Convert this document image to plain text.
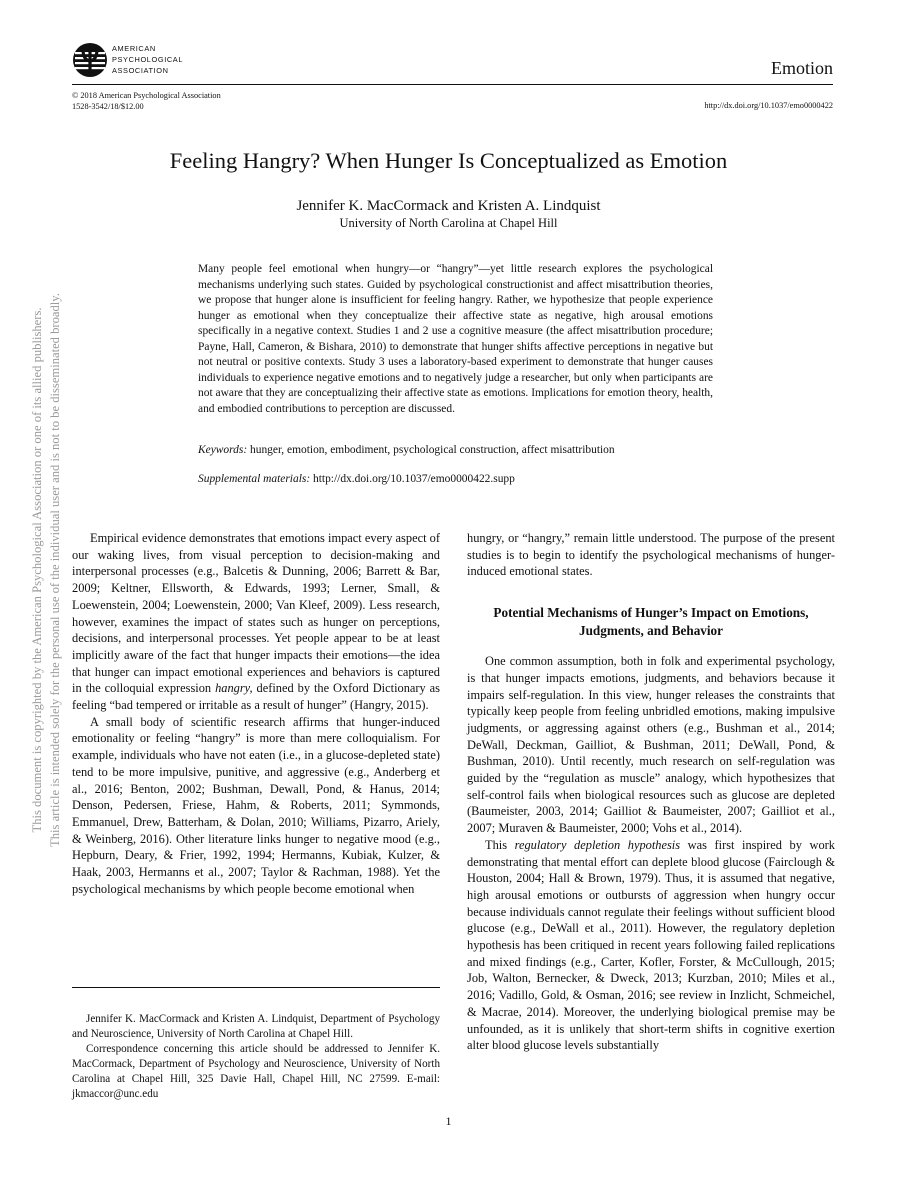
AMERICAN
PSYCHOLOGICAL
ASSOCIATION	Emotion
© 2018 American Psychological Association
1528-3542/18/$12.00	http://dx.doi.org/10.1037/emo0000422
Feeling Hangry? When Hunger Is Conceptualized as Emotion
Jennifer K. MacCormack and Kristen A. Lindquist
University of North Carolina at Chapel Hill
Many people feel emotional when hungry—or “hangry”—yet little research explores the psychological mechanisms underlying such states. Guided by psychological constructionist and affect misattribution theories, we propose that hunger alone is insufficient for feeling hangry. Rather, we hypothesize that people experience hunger as emotional when they conceptualize their affective state as negative, high arousal emotions specifically in a negative context. Studies 1 and 2 use a cognitive measure (the affect misattribution procedure; Payne, Hall, Cameron, & Bishara, 2010) to demonstrate that hunger shifts affective perceptions in negative but not neutral or positive contexts. Study 3 uses a laboratory-based experiment to demonstrate that hunger causes individuals to experience negative emotions and to negatively judge a researcher, but only when participants are not aware that they are conceptualizing their affective state as emotions. Implications for emotion theory, health, and embodied contributions to perception are discussed.
Keywords: hunger, emotion, embodiment, psychological construction, affect misattribution
Supplemental materials: http://dx.doi.org/10.1037/emo0000422.supp

Empirical evidence demonstrates that emotions impact every aspect of our waking lives, from visual perception to decision-making and interpersonal processes (e.g., Balcetis & Dunning, 2006; Barrett & Bar, 2009; Keltner, Ellsworth, & Edwards, 1993; Lerner, Small, & Loewenstein, 2004; Loewenstein, 2000; Van Kleef, 2009). Less research, however, examines the impact of states such as hunger on perceptions, decisions, and interpersonal processes. Yet people appear to be at least implicitly aware of the fact that hunger impacts their emotions—the idea that hunger can impact emotional experiences and behaviors is captured in the colloquial expression hangry, defined by the Oxford Dictionary as feeling “bad tempered or irritable as a result of hunger” (Hangry, 2015).

A small body of scientific research affirms that hunger-induced emotionality or feeling “hangry” is more than mere colloquialism. For example, individuals who have not eaten (i.e., in a glucose-depleted state) tend to be more impulsive, punitive, and aggressive (e.g., Anderberg et al., 2016; Benton, 2002; Bushman, Dewall, Pond, & Hanus, 2014; Denson, Pedersen, Friese, Hahm, & Roberts, 2011; Symmonds, Emmanuel, Drew, Batterham, & Dolan, 2010; Williams, Pizarro, Ariely, & Weinberg, 2016). Other literature links hunger to negative mood (e.g., Hepburn, Deary, & Frier, 1992, 1994; Hermanns, Kubiak, Kulzer, & Haak, 2003, Hermanns et al., 2007; Taylor & Rachman, 1988). Yet the psychological mechanisms by which people become emotional when

hungry, or “hangry,” remain little understood. The purpose of the present studies is to begin to identify the psychological mechanisms of hunger-induced emotional states.

Potential Mechanisms of Hunger’s Impact on Emotions, Judgments, and Behavior

One common assumption, both in folk and experimental psychology, is that hunger impacts emotions, judgments, and behaviors because it impairs self-regulation. In this view, hunger releases the constraints that typically keep people from feeling unbridled emotions, making impulsive judgments, or aggressing against others (e.g., Bushman et al., 2014; DeWall, Deckman, Gailliot, & Bushman, 2011; DeWall, Pond, & Bushman, 2010). Until recently, much research on self-regulation was guided by the “regulation as muscle” analogy, which hypothesizes that self-control fails when biological resources such as glucose are depleted (Baumeister, 2003, 2014; Gailliot & Baumeister, 2007; Gailliot et al., 2007; Muraven & Baumeister, 2000; Vohs et al., 2014).

This regulatory depletion hypothesis was first inspired by work demonstrating that mental effort can deplete blood glucose (Fairclough & Houston, 2004; Hall & Brown, 1979). Thus, it is assumed that negative, high arousal emotions or outbursts of aggression when hungry occur because individuals cannot regulate their feelings without sufficient blood glucose (e.g., DeWall et al., 2011). However, the regulatory depletion hypothesis has been critiqued in recent years following failed replications and mixed findings (e.g., Carter, Kofler, Forster, & McCullough, 2015; Job, Walton, Bernecker, & Dweck, 2013; Kurzban, 2010; Miles et al., 2016; Vadillo, Gold, & Osman, 2016; see review in Inzlicht, Schmeichel, & Macrae, 2014). Moreover, the underlying biological premise may be unfounded, as it is unlikely that short-term shifts in cognitive exertion alter blood glucose levels substantially

Jennifer K. MacCormack and Kristen A. Lindquist, Department of Psychology and Neuroscience, University of North Carolina at Chapel Hill.

Correspondence concerning this article should be addressed to Jennifer K. MacCormack, Department of Psychology and Neuroscience, University of North Carolina at Chapel Hill, 325 Davie Hall, Chapel Hill, NC 27599. E-mail: jkmaccor@unc.edu

1
This document is copyrighted by the American Psychological Association or one of its allied publishers. This article is intended solely for the personal use of the individual user and is not to be disseminated broadly.
